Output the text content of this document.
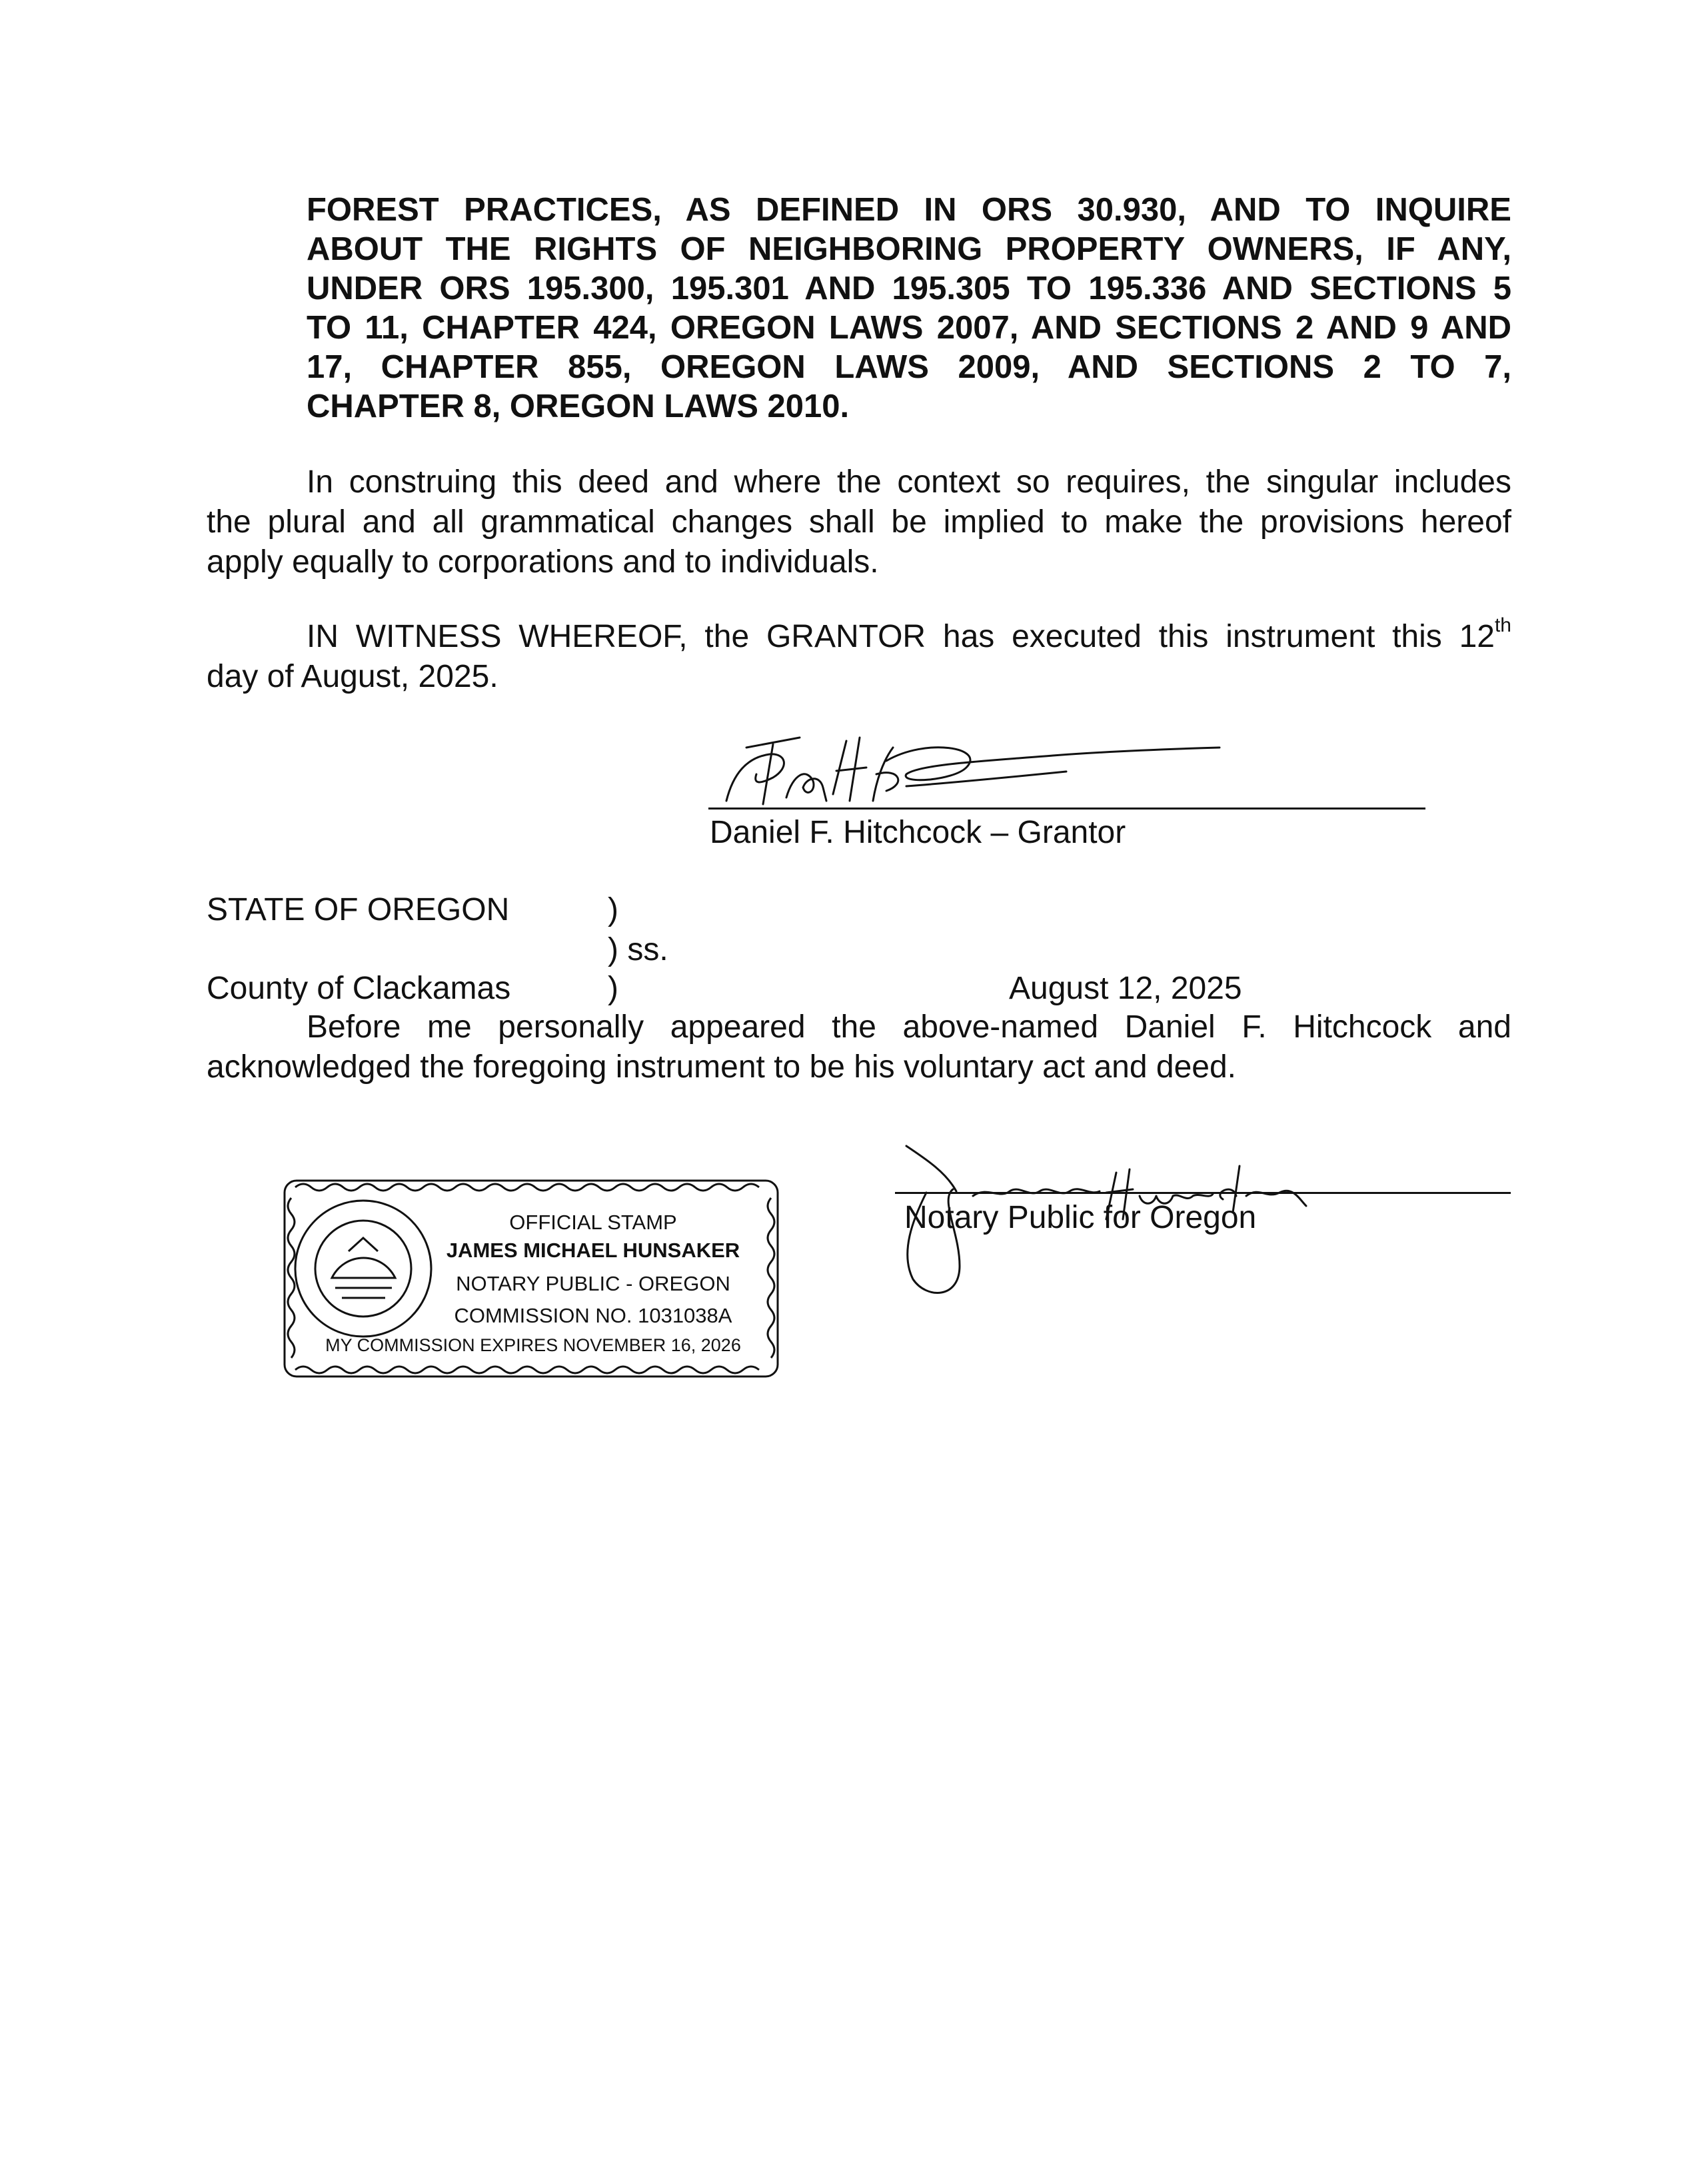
FOREST PRACTICES, AS DEFINED IN ORS 30.930, AND TO INQUIRE
ABOUT THE RIGHTS OF NEIGHBORING PROPERTY OWNERS, IF ANY,
UNDER ORS 195.300, 195.301 AND 195.305 TO 195.336 AND SECTIONS 5
TO 11, CHAPTER 424, OREGON LAWS 2007, AND SECTIONS 2 AND 9 AND
17, CHAPTER 855, OREGON LAWS 2009, AND SECTIONS 2 TO 7,
CHAPTER 8, OREGON LAWS 2010.
In construing this deed and where the context so requires, the singular includes
the plural and all grammatical changes shall be implied to make the provisions hereof
apply equally to corporations and to individuals.
IN WITNESS WHEREOF, the GRANTOR has executed this instrument this 12th
day of August, 2025.
Daniel F. Hitchcock – Grantor
STATE OF OREGON	)
) ss.
County of Clackamas	)	August 12, 2025
Before me personally appeared the above-named Daniel F. Hitchcock and
acknowledged the foregoing instrument to be his voluntary act and deed.
OFFICIAL STAMP
JAMES MICHAEL HUNSAKER
NOTARY PUBLIC - OREGON
COMMISSION NO. 1031038A
MY COMMISSION EXPIRES NOVEMBER 16, 2026
Notary Public for Oregon
